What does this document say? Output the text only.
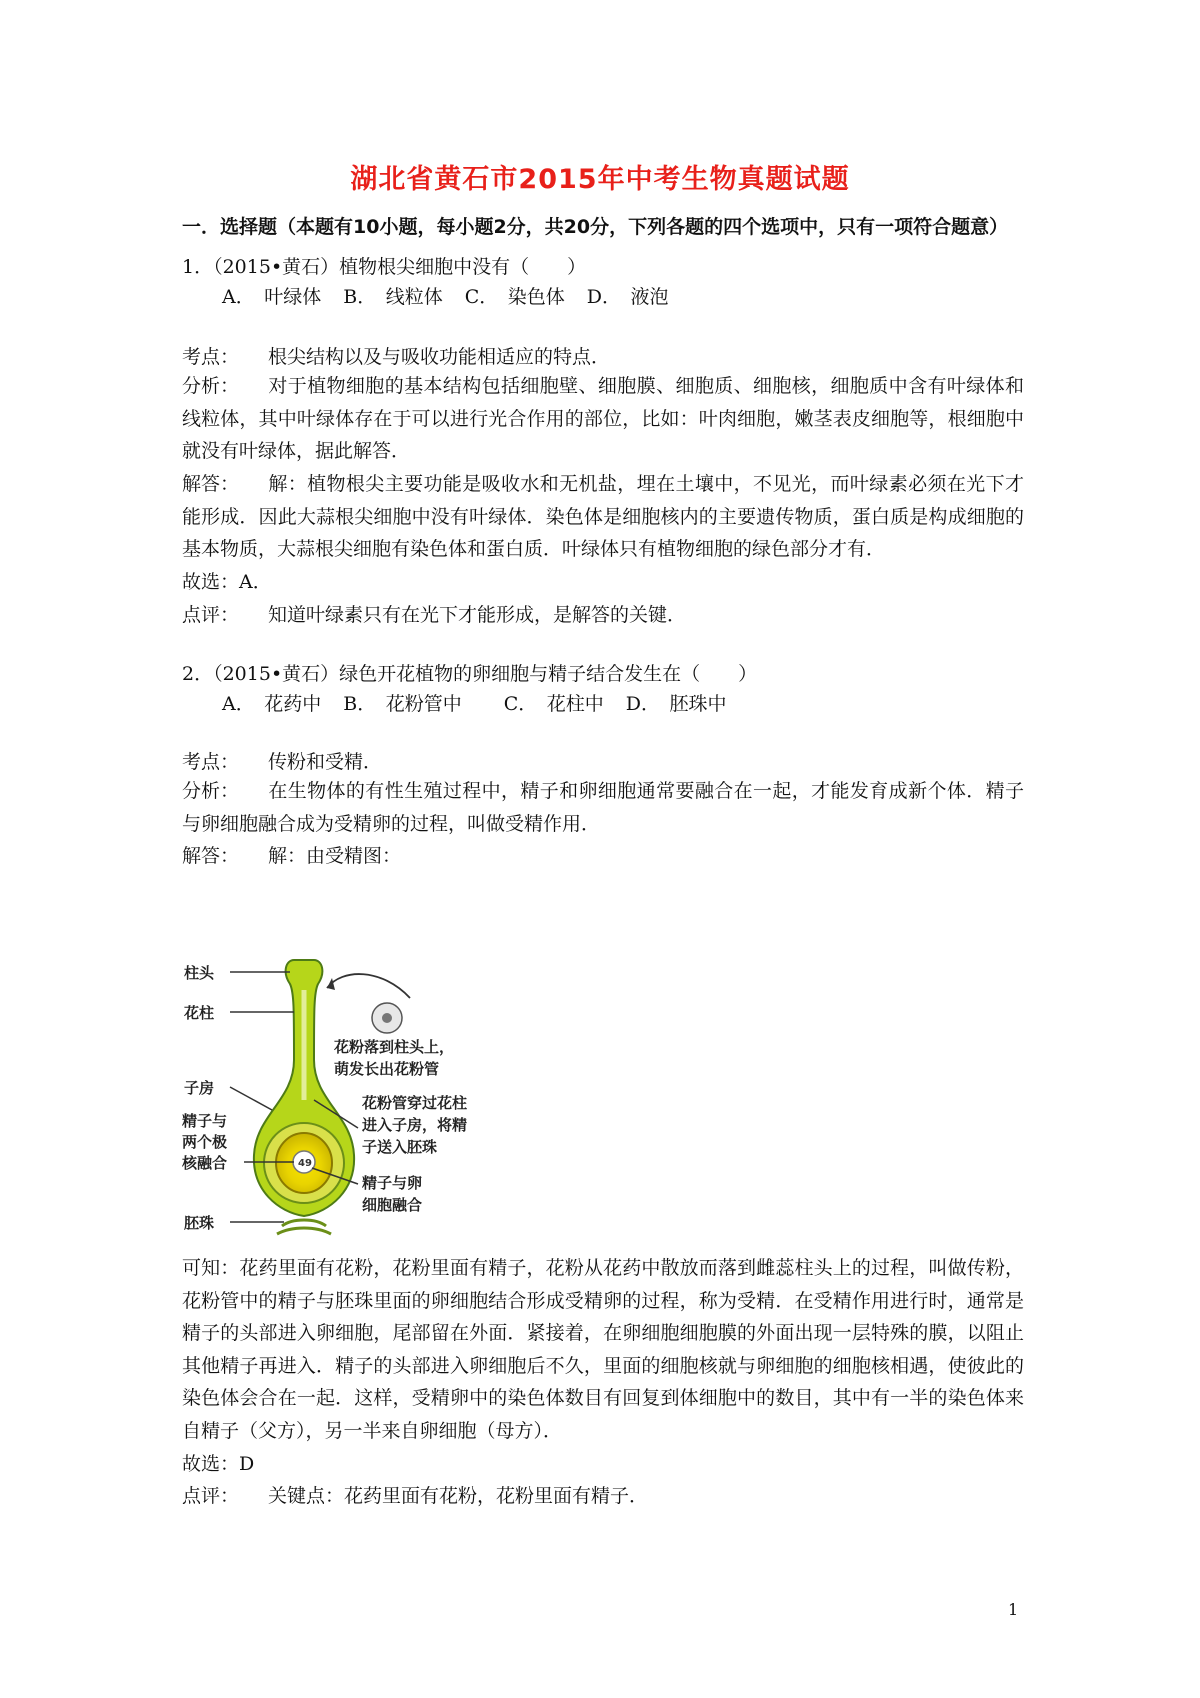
湖北省黄石市2015年中考生物真题试题
一．选择题（本题有10小题，每小题2分，共20分，下列各题的四个选项中，只有一项符合题意）
1．（2015•黄石）植物根尖细胞中没有（　　）
A．　叶绿体 B．　线粒体 C．　染色体 D．　液泡
考点： 根尖结构以及与吸收功能相适应的特点．
分析： 对于植物细胞的基本结构包括细胞壁、细胞膜、细胞质、细胞核，细胞质中含有叶绿体和线粒体，其中叶绿体存在于可以进行光合作用的部位，比如：叶肉细胞，嫩茎表皮细胞等，根细胞中就没有叶绿体，据此解答．
解答： 解：植物根尖主要功能是吸收水和无机盐，埋在土壤中，不见光，而叶绿素必须在光下才能形成．因此大蒜根尖细胞中没有叶绿体．染色体是细胞核内的主要遗传物质，蛋白质是构成细胞的基本物质，大蒜根尖细胞有染色体和蛋白质．叶绿体只有植物细胞的绿色部分才有．
故选：A．
点评： 知道叶绿素只有在光下才能形成，是解答的关键．
2．（2015•黄石）绿色开花植物的卵细胞与精子结合发生在（　　）
A．　花药中 B．　花粉管中 C．　花柱中 D．　胚珠中
考点： 传粉和受精．
分析： 在生物体的有性生殖过程中，精子和卵细胞通常要融合在一起，才能发育成新个体．精子与卵细胞融合成为受精卵的过程，叫做受精作用．
解答： 解：由受精图：
49
柱头
花柱
子房
精子与
两个极
核融合
胚珠
花粉落到柱头上，
萌发长出花粉管
花粉管穿过花柱
进入子房，将精
子送入胚珠
精子与卵
细胞融合
可知：花药里面有花粉，花粉里面有精子，花粉从花药中散放而落到雌蕊柱头上的过程，叫做传粉，花粉管中的精子与胚珠里面的卵细胞结合形成受精卵的过程，称为受精．在受精作用进行时，通常是精子的头部进入卵细胞，尾部留在外面．紧接着，在卵细胞细胞膜的外面出现一层特殊的膜，以阻止其他精子再进入．精子的头部进入卵细胞后不久，里面的细胞核就与卵细胞的细胞核相遇，使彼此的染色体会合在一起．这样，受精卵中的染色体数目有回复到体细胞中的数目，其中有一半的染色体来自精子（父方），另一半来自卵细胞（母方）．
故选：D
点评： 关键点：花药里面有花粉，花粉里面有精子．
1
